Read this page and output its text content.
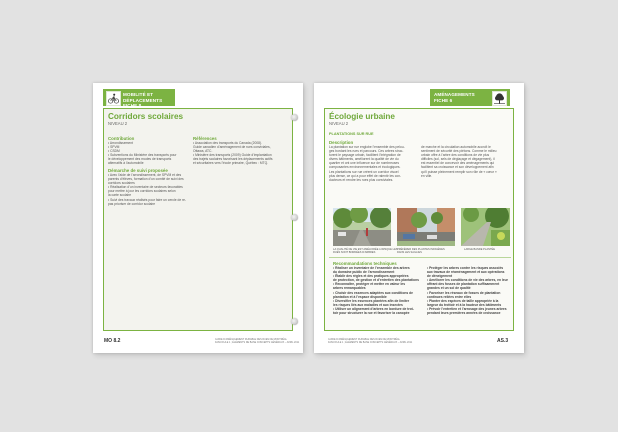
MOBILITÉ ET DÉPLACEMENTS
FICHE 8
Corridors scolaires
NIVEAU 2
Contribution
• Arrondissement
• SPVM
• CSDM
• Subventions du Ministère des transports pour
le développement des modes de transports
alternatifs à l’automobile
Démarche de suivi proposée
• Avec l’aide de l’arrondissement, de SPVM et des
parents d’élèves, formation d’un comité de suivi des
corridors scolaires
• Réalisation d’un inventaire de secteurs favorables
pour mettre à jour les corridors scolaires selon
la carte scolaire
• Suivi des travaux réalisés pour faire un cercle de re-
pas prioriser de corridor scolaire
Références
• Association des transports du Canada (2008).
Guide canadien d’aménagement de rues conviviales,
Ottawa, ATC.
• Ministère des transports (2009) Guide d’implantation
des trajets scolaires favorisant les déplacements actifs
et sécuritaires vers l’école primaire, Québec : MTQ.
MO 8.2	GUIDE D’AMÉNAGEMENT DURABLE DES RUES DE MONTRÉAL
FASCICULE 1 ; ÉLÉMENTS DE BASE CONCEPTS GÉNÉRAUX – AVRIL 2011
AMÉNAGEMENTS
FICHE 6
Écologie urbaine
NIVEAU 2
PLANTATIONS SUR RUE
Description
La plantation sur rue englobe l’ensemble des pelou-
ges bordant les rues et parcours. Ces arbres struc-
turent le paysage urbain, facilitent l’intégration de
divers bâtiments, améliorent la qualité de vie du
quartier et ont une influence sur de nombreuses
composantes environnementales et écologiques.
Les plantations sur rue créent un corridor visuel
plus dense, ce qui a pour effet de ralentir les con-
ducteurs et rendre les rues plus conviviales.
de marche et la circulation automobile accroît le
sentiment de sécurité des piétons. Comme le milieu
urbain offre à l’arbre des conditions de vie plus
difficiles (sol, sels de déglaçage et dégagement), il
est essentiel de concevoir des aménagements qui
facilitent sa croissance et son développement afin
qu’il puisse pleinement remplir son rôle de « cœur »
en ville.
LA QUALITÉ DE VIE EST AMÉLIORÉE LORSQUE LES
RUES SONT BORDÉES D’ARBRES
PRÉFÉRER DES PLANTES INDIGÈNES
DANS LES SAILLIES
LARGE BANDE PLANTÉE
Recommandations techniques
• Réaliser un inventaire de l’ensemble des arbres
du domaine public de l’arrondissement
• Établir des règles et des pratiques appropriées
de protection, de gestion et d’entretien des plantations
• Reconnaître, protéger et mettre en valeur les
arbres remarquables
• Choisir des essences adaptées aux conditions de
plantation et à l’espace disponible
• Diversifier les essences plantées afin de limiter
les risques liés aux maladies et aux insectes
• Utiliser un alignement d’arbres en bordure de trot-
toir pour structurer la rue et favoriser la canopée
• Protéger les arbres contre les risques associés
aux travaux de réaménagement et aux opérations
de déneigement
• Améliorer les conditions de vie des arbres, en leur
offrant des fosses de plantation suffisamment
grandes et un sol de qualité
• Favoriser les réseaux de fosses de plantation
continues reliées entre elles
• Planter des espèces de taille appropriée à la
largeur du trottoir et à la hauteur des bâtiments
• Prévoir l’entretien et l’arrosage des jeunes arbres
pendant leurs premières années de croissance
GUIDE D’AMÉNAGEMENT DURABLE DES RUES DE MONTRÉAL
FASCICULE 1 ; ÉLÉMENTS DE BASE CONCEPTS GÉNÉRAUX – AVRIL 2011	AS.3
